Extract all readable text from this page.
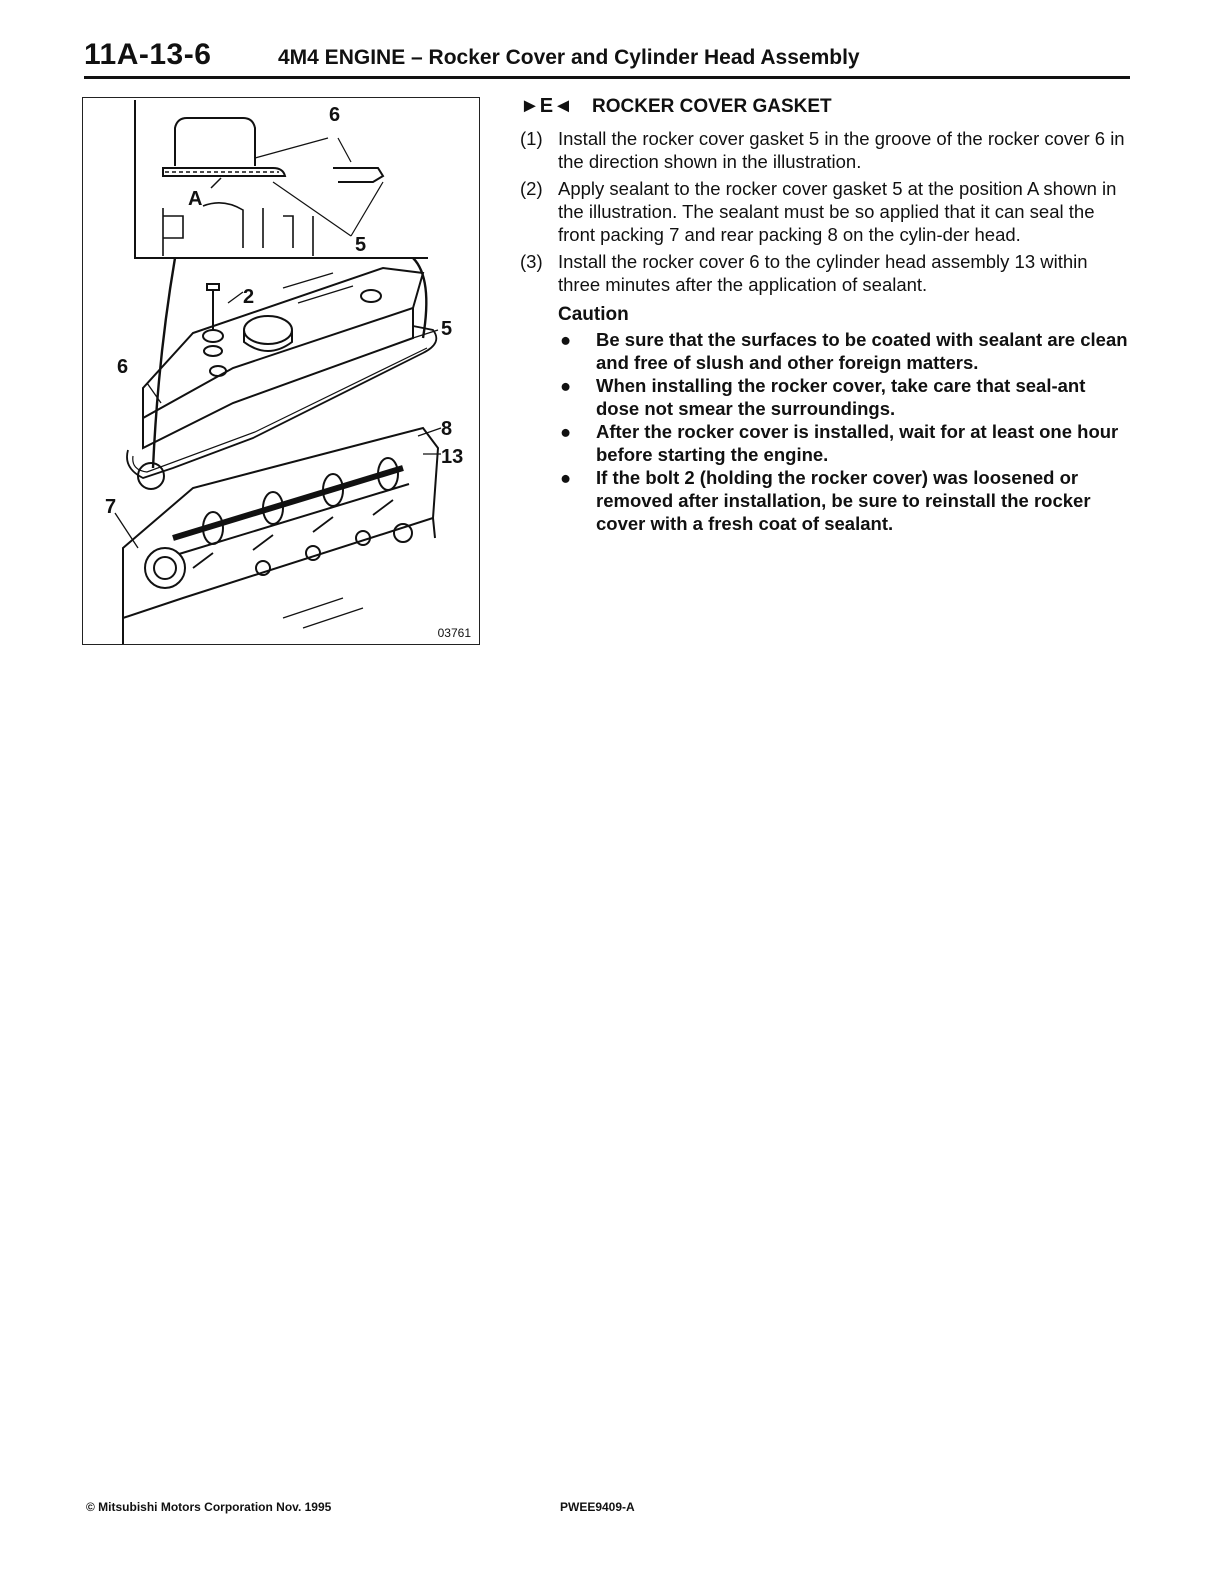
11A-13-6	4M4 ENGINE – Rocker Cover and Cylinder Head Assembly
6
A
5
2
5
6
8
13
7
03761
►E◄ ROCKER COVER GASKET
(1) Install the rocker cover gasket 5 in the groove of the rocker cover 6 in the direction shown in the illustration.
(2) Apply sealant to the rocker cover gasket 5 at the position A shown in the illustration. The sealant must be so applied that it can seal the front packing 7 and rear packing 8 on the cylin-der head.
(3) Install the rocker cover 6 to the cylinder head assembly 13 within three minutes after the application of sealant.
Caution
● Be sure that the surfaces to be coated with sealant are clean and free of slush and other foreign matters.
● When installing the rocker cover, take care that seal-ant dose not smear the surroundings.
● After the rocker cover is installed, wait for at least one hour before starting the engine.
● If the bolt 2 (holding the rocker cover) was loosened or removed after installation, be sure to reinstall the rocker cover with a fresh coat of sealant.
© Mitsubishi Motors Corporation Nov. 1995	PWEE9409-A
